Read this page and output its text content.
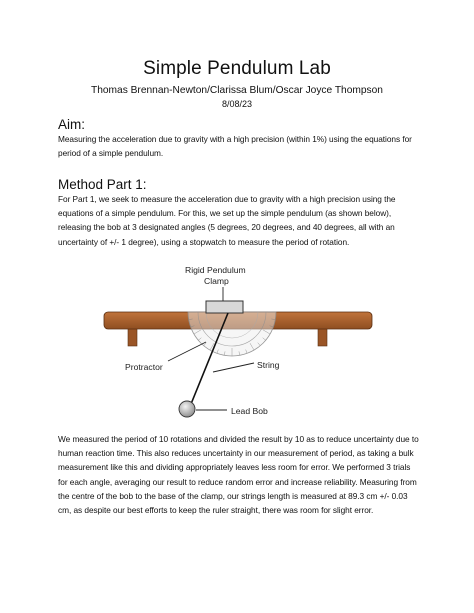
Simple Pendulum Lab
Thomas Brennan-Newton/Clarissa Blum/Oscar Joyce Thompson
8/08/23
Aim:
Measuring the acceleration due to gravity with a high precision (within 1%) using the equations for period of a simple pendulum.
Method Part 1:
For Part 1, we seek to measure the acceleration due to gravity with a high precision using the equations of a simple pendulum. For this, we set up the simple pendulum (as shown below), releasing the bob at 3 designated angles (5 degrees, 20 degrees, and 40 degrees, all with an uncertainty of +/- 1 degree), using a stopwatch to measure the period of rotation.
Rigid Pendulum
Clamp
Protractor	String
Lead Bob
We measured the period of 10 rotations and divided the result by 10 as to reduce uncertainty due to human reaction time. This also reduces uncertainty in our measurement of period, as taking a bulk measurement like this and dividing appropriately leaves less room for error. We performed 3 trials for each angle, averaging our result to reduce random error and increase reliability. Measuring from the centre of the bob to the base of the clamp, our strings length is measured at 89.3 cm +/- 0.03 cm, as despite our best efforts to keep the ruler straight, there was room for slight error.
